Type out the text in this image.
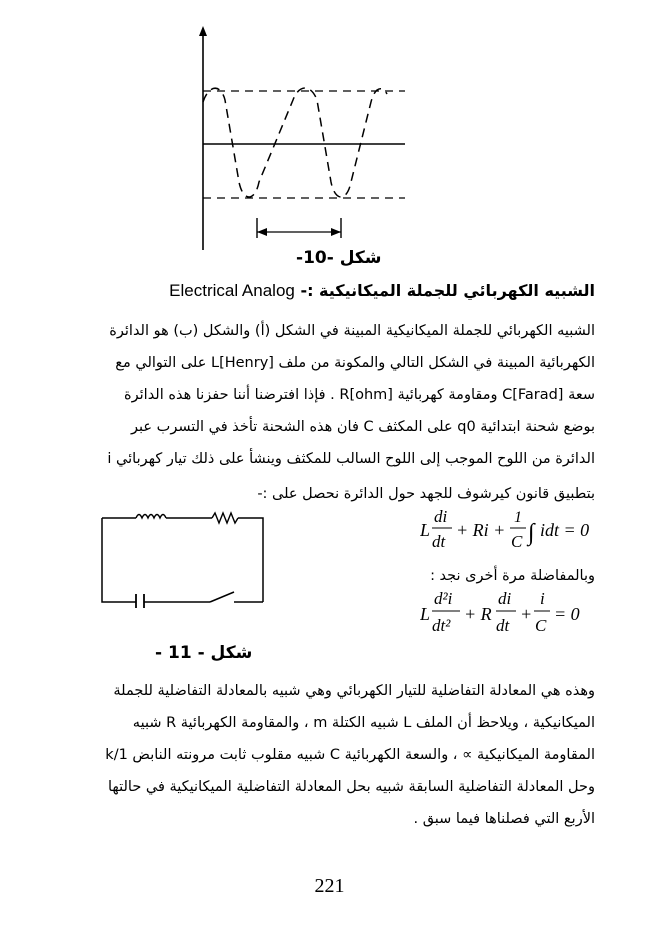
شكل -10-
الشبيه الكهربائي للجملة الميكانيكية :- Electrical Analog
الشبيه الكهربائي للجملة الميكانيكية المبينة في الشكل (أ) والشكل (ب) هو الدائرة
الكهربائية المبينة في الشكل التالي والمكونة من ملف L[Henry] على التوالي مع
سعة C[Farad] ومقاومة كهربائية R[ohm] . فإذا افترضنا أننا حفزنا هذه الدائرة
بوضع شحنة ابتدائية q0 على المكثف C فان هذه الشحنة تأخذ في التسرب عبر
الدائرة من اللوح الموجب إلى اللوح السالب للمكثف وينشأ على ذلك تيار كهربائي i
بتطبيق قانون كيرشوف للجهد حول الدائرة نحصل على :-
L
di
dt
+ Ri +
1
C ∫ idt = 0
وبالمفاضلة مرة أخرى نجد :
L
d²i
dt²
+ R
di
dt
+
i
C
= 0
شكل - 11 -
وهذه هي المعادلة التفاضلية للتيار الكهربائي وهي شبيه بالمعادلة التفاضلية للجملة
الميكانيكية ، ويلاحظ أن الملف L شبيه الكتلة m ، والمقاومة الكهربائية R شبيه
المقاومة الميكانيكية ∝ ، والسعة الكهربائية C شبيه مقلوب ثابت مرونته النابض 1/k
وحل المعادلة التفاضلية السابقة شبيه بحل المعادلة التفاضلية الميكانيكية في حالتها
الأربع التي فصلناها فيما سبق .
221
